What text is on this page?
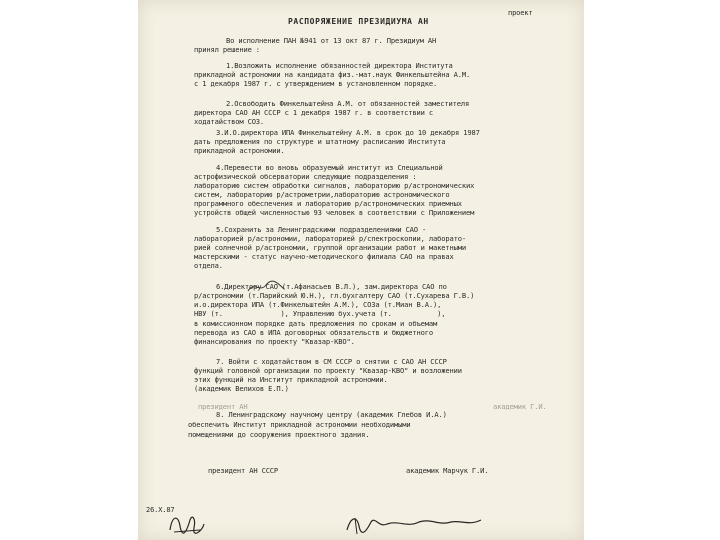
проект
РАСПОРЯЖЕНИЕ ПРЕЗИДИУМА АН
Во исполнение ПАН №941 от 13 окт 87 г. Президиум АН
принял решение :
1.Возложить исполнение обязанностей директора Института
прикладной астрономии на кандидата физ.-мат.наук Финкельштейна А.М.
с 1 декабря 1987 г. с утверждением в установленном порядке.
2.Освободить Финкельштейна А.М. от обязанностей заместителя
директора САО АН СССР с 1 декабря 1987 г. в соответствии с
ходатайством СОЗ.
3.И.О.директора ИПА Финкельштейну А.М. в срок до 10 декабря 1987
дать предложения по структуре и штатному расписанию Института
прикладной астрономии.
4.Перевести во вновь образуемый институт из Специальной
астрофизической обсерватории следующие подразделения :
лабораторию систем обработки сигналов, лабораторию р/астрономических
систем, лабораторию р/астрометрии,лабораторию астрономического
программного обеспечения и лабораторию р/астрономических приемных
устройств общей численностью 93 человек в соответствии с Приложением
5.Сохранить за Ленинградскими подразделениями САО -
лабораторией р/астрономии, лабораторией р/спектроскопии, лаборато-
рией солнечной р/астрономии, группой организации работ и макетными
мастерскими - статус научно-методического филиала САО на правах
отдела.
6.Директору САО (т.Афанасьев В.Л.), зам.директора САО по
р/астрономии (т.Парийский Ю.Н.), гл.бухгалтеру САО (т.Сухарева Г.В.)
и.о.директора ИПА (т.Финкельштейн А.М.), СОЗа (т.Миан В.А.),
НВУ (т.              ), Управлению бух.учета (т.           ),
в комиссионном порядке дать предложения по срокам и объемам
перевода из САО в ИПА договорных обязательств и бюджетного
финансирования по проекту "Квазар-КВО".
7. Войти с ходатайством в СМ СССР о снятии с САО АН СССР
функций головной организации по проекту "Квазар-КВО" и возложении
этих функций на Институт прикладной астрономии.
(академик Велихов Е.П.)
президент АН	академик Г.И.
8. Ленинградскому научному центру (академик Глебов И.А.)
обеспечить Институт прикладной астрономии необходимыми
помещениями до сооружения проектного здания.
президент АН СССР	академик Марчук Г.И.
26.X.87
